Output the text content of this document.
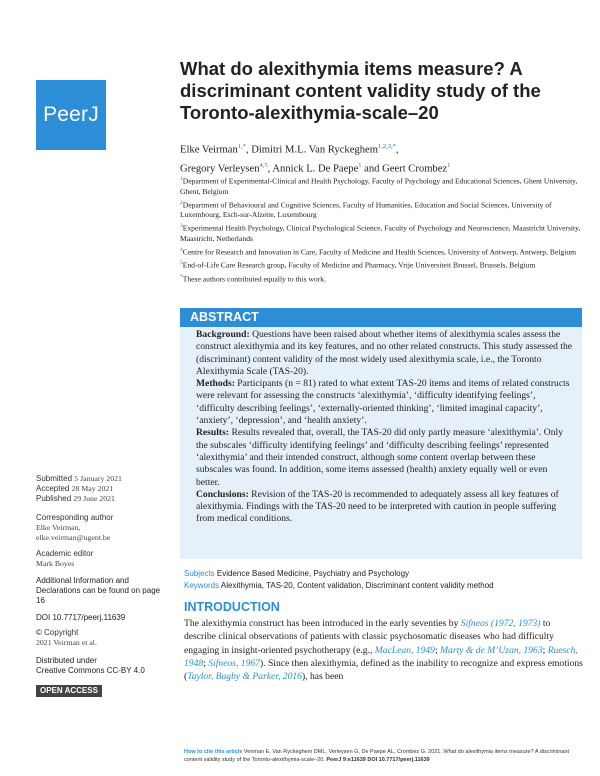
PeerJ
What do alexithymia items measure? A discriminant content validity study of the Toronto-alexithymia-scale–20
Elke Veirman$^{1,*}$, Dimitri M.L. Van Ryckeghem$^{1,2,3,*}$,
Gregory Verleysen$^{4,5}$, Annick L. De Paepe$^1$ and Geert Crombez$^1$

$^1$Department of Experimental-Clinical and Health Psychology, Faculty of Psychology and Educational Sciences, Ghent University, Ghent, Belgium

$^2$Department of Behavioural and Cognitive Sciences, Faculty of Humanities, Education and Social Sciences, University of Luxembourg, Esch-sur-Alzette, Luxembourg

$^3$Experimental Health Psychology, Clinical Psychological Science, Faculty of Psychology and Neuroscience, Maastricht University, Maastricht, Netherlands

$^4$Centre for Research and Innovation in Care, Faculty of Medicine and Health Sciences, University of Antwerp, Antwerp, Belgium

$^5$End-of-Life Care Research group, Faculty of Medicine and Pharmacy, Vrije Universiteit Brussel, Brussels, Belgium

*These authors contributed equally to this work.

ABSTRACT

Background: Questions have been raised about whether items of alexithymia scales assess the construct alexithymia and its key features, and no other related constructs. This study assessed the (discriminant) content validity of the most widely used alexithymia scale, i.e., the Toronto Alexithymia Scale (TAS-20).

Methods: Participants (n = 81) rated to what extent TAS-20 items and items of related constructs were relevant for assessing the constructs ‘alexithymia’, ‘difficulty identifying feelings’, ‘difficulty describing feelings’, ‘externally-oriented thinking’, ‘limited imaginal capacity’, ‘anxiety’, ‘depression’, and ‘health anxiety’.

Results: Results revealed that, overall, the TAS-20 did only partly measure ‘alexithymia’. Only the subscales ‘difficulty identifying feelings’ and ‘difficulty describing feelings’ represented ‘alexithymia’ and their intended construct, although some content overlap between these subscales was found. In addition, some items assessed (health) anxiety equally well or even better.

Conclusions: Revision of the TAS-20 is recommended to adequately assess all key features of alexithymia. Findings with the TAS-20 need to be interpreted with caution in people suffering from medical conditions.

Submitted 5 January 2021
Accepted 28 May 2021
Published 29 June 2021
Corresponding author
Elke Veirman,
elke.veirman@ugent.be
Academic editor
Mark Boyes
Additional Information and Declarations can be found on page 16
DOI 10.7717/peerj.11639
© Copyright
2021 Veirman et al.
Distributed under
Creative Commons CC-BY 4.0
OPEN ACCESS
Subjects Evidence Based Medicine, Psychiatry and Psychology
Keywords Alexithymia, TAS-20, Content validation, Discriminant content validity method
INTRODUCTION

The alexithymia construct has been introduced in the early seventies by Sifneos (1972, 1973) to describe clinical observations of patients with classic psychosomatic diseases who had difficulty engaging in insight-oriented psychotherapy (e.g., MacLean, 1949; Marty & de M’Uzan, 1963; Ruesch, 1948; Sifneos, 1967). Since then alexithymia, defined as the inability to recognize and express emotions (Taylor, Bagby & Parker, 2016), has been

How to cite this article Veirman E, Van Ryckeghem DML, Verleysen G, De Paepe AL, Crombez G. 2021. What do alexithymia items measure? A discriminant content validity study of the Toronto-alexithymia-scale–20. PeerJ 9:e11639 DOI 10.7717/peerj.11639
